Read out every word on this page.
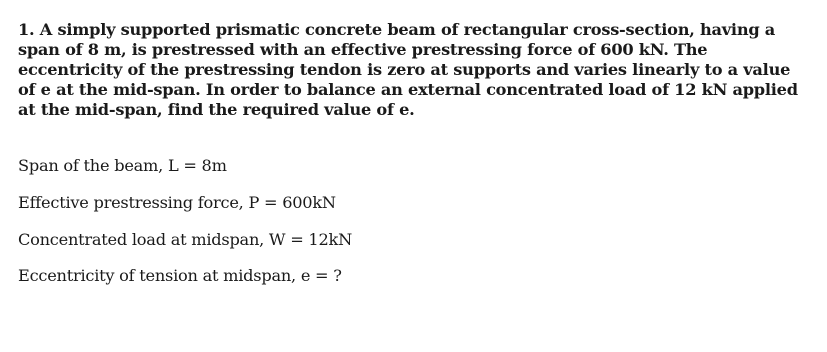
1. A simply supported prismatic concrete beam of rectangular cross-section, having a span of 8 m, is prestressed with an effective prestressing force of 600 kN. The eccentricity of the prestressing tendon is zero at supports and varies linearly to a value of e at the mid-span. In order to balance an external concentrated load of 12 kN applied at the mid-span, find the required value of e.

Span of the beam, L = 8m

Effective prestressing force, P = 600kN

Concentrated load at midspan, W = 12kN

Eccentricity of tension at midspan, e = ?
